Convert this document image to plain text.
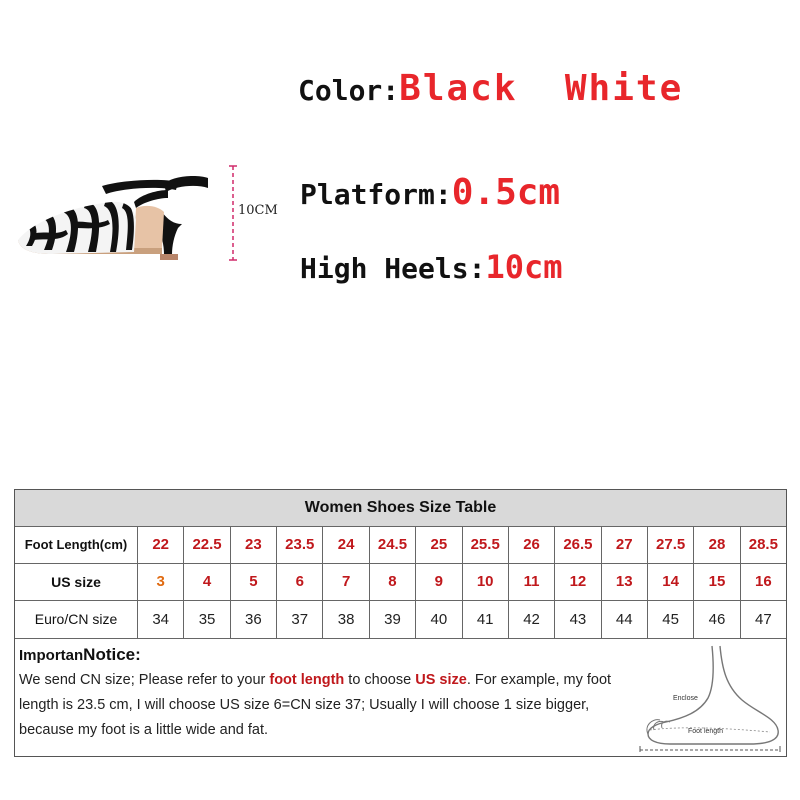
10CM
Color:Black  White
Platform:0.5cm
High Heels:10cm
Women Shoes Size Table
Foot Length(cm)	22	22.5	23	23.5	24	24.5	25	25.5	26	26.5	27	27.5	28	28.5
US size	3	4	5	6	7	8	9	10	11	12	13	14	15	16
Euro/CN size	34	35	36	37	38	39	40	41	42	43	44	45	46	47
ImportanNotice:
We send CN size; Please refer to your foot length to choose US size. For example, my foot length is 23.5 cm, I will choose US size 6=CN size 37; Usually I will choose 1 size bigger, because my foot is a little wide and fat.
Enclose
Foot length
